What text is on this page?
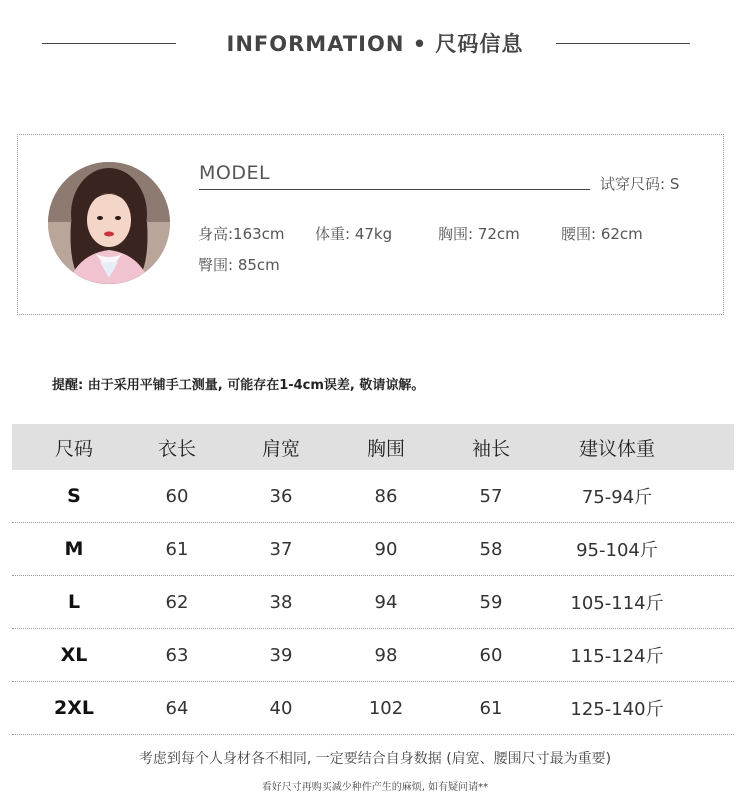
INFORMATION • 尺码信息
MODEL	试穿尺码: S
身高:163cm 体重: 47kg	胸围: 72cm	腰围: 62cm
臀围: 85cm
提醒: 由于采用平铺手工测量, 可能存在1-4cm误差, 敬请谅解。
尺码	衣长	肩宽	胸围	袖长	建议体重
S	60	36	86	57	75-94斤
M	61	37	90	58	95-104斤
L	62	38	94	59	105-114斤
XL	63	39	98	60	115-124斤
2XL	64	40	102	61	125-140斤
考虑到每个人身材各不相同, 一定要结合自身数据 (肩宽、腰围尺寸最为重要)
看好尺寸再购买减少种件产生的麻烦, 如有疑问请**
